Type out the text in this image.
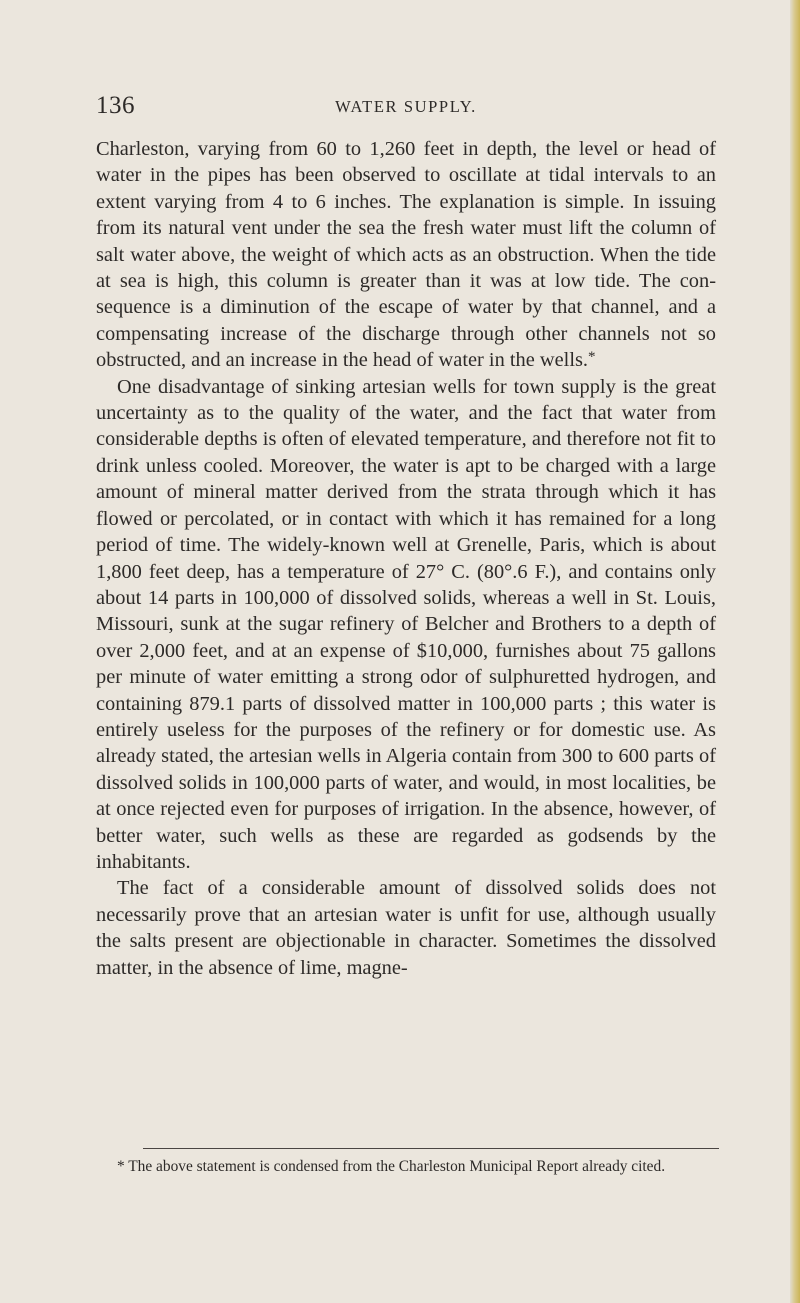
136	WATER SUPPLY.

Charleston, varying from 60 to 1,260 feet in depth, the level or head of water in the pipes has been observed to oscillate at tidal intervals to an extent varying from 4 to 6 inches. The explanation is simple. In issuing from its natural vent under the sea the fresh water must lift the column of salt water above, the weight of which acts as an obstruction. When the tide at sea is high, this column is greater than it was at low tide. The consequence is a diminution of the escape of water by that channel, and a compensating increase of the discharge through other channels not so obstructed, and an increase in the head of water in the wells.*

One disadvantage of sinking artesian wells for town supply is the great uncertainty as to the quality of the water, and the fact that water from considerable depths is often of elevated temperature, and therefore not fit to drink unless cooled. Moreover, the water is apt to be charged with a large amount of mineral matter derived from the strata through which it has flowed or percolated, or in contact with which it has remained for a long period of time. The widely-known well at Grenelle, Paris, which is about 1,800 feet deep, has a temperature of 27° C. (80°.6 F.), and contains only about 14 parts in 100,000 of dissolved solids, whereas a well in St. Louis, Missouri, sunk at the sugar refinery of Belcher and Brothers to a depth of over 2,000 feet, and at an expense of $10,000, furnishes about 75 gallons per minute of water emitting a strong odor of sulphuretted hydrogen, and containing 879.1 parts of dissolved matter in 100,000 parts ; this water is entirely useless for the purposes of the refinery or for domestic use. As already stated, the artesian wells in Algeria contain from 300 to 600 parts of dissolved solids in 100,000 parts of water, and would, in most localities, be at once rejected even for purposes of irrigation. In the absence, however, of better water, such wells as these are regarded as godsends by the inhabitants.

The fact of a considerable amount of dissolved solids does not necessarily prove that an artesian water is unfit for use, although usually the salts present are objectionable in character. Sometimes the dissolved matter, in the absence of lime, magne-

* The above statement is condensed from the Charleston Municipal Report already cited.
